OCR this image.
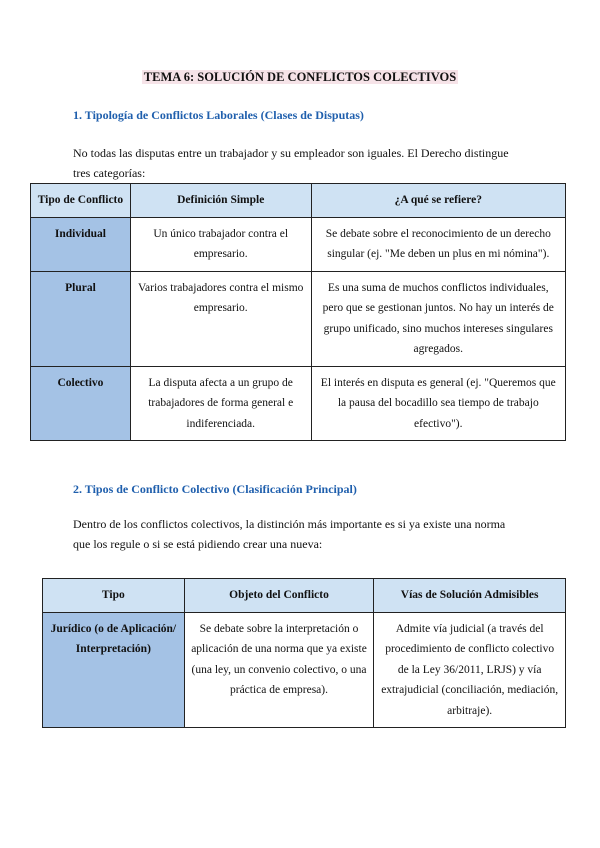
TEMA 6: SOLUCIÓN DE CONFLICTOS COLECTIVOS
1. Tipología de Conflictos Laborales (Clases de Disputas)
No todas las disputas entre un trabajador y su empleador son iguales. El Derecho distingue
tres categorías:
Tipo de Conflicto	Definición Simple	¿A qué se refiere?
Individual	Un único trabajador contra el empresario.	Se debate sobre el reconocimiento de un derecho singular (ej. "Me deben un plus en mi nómina").
Plural	Varios trabajadores contra el mismo empresario.	Es una suma de muchos conflictos individuales, pero que se gestionan juntos. No hay un interés de grupo unificado, sino muchos intereses singulares agregados.
Colectivo	La disputa afecta a un grupo de trabajadores de forma general e indiferenciada.	El interés en disputa es general (ej. "Queremos que la pausa del bocadillo sea tiempo de trabajo efectivo").
2. Tipos de Conflicto Colectivo (Clasificación Principal)
Dentro de los conflictos colectivos, la distinción más importante es si ya existe una norma
que los regule o si se está pidiendo crear una nueva:
Tipo	Objeto del Conflicto	Vías de Solución Admisibles
Jurídico (o de Aplicación/Interpretación)	Se debate sobre la interpretación o aplicación de una norma que ya existe (una ley, un convenio colectivo, o una práctica de empresa).	Admite vía judicial (a través del procedimiento de conflicto colectivo de la Ley 36/2011, LRJS) y vía extrajudicial (conciliación, mediación, arbitraje).
